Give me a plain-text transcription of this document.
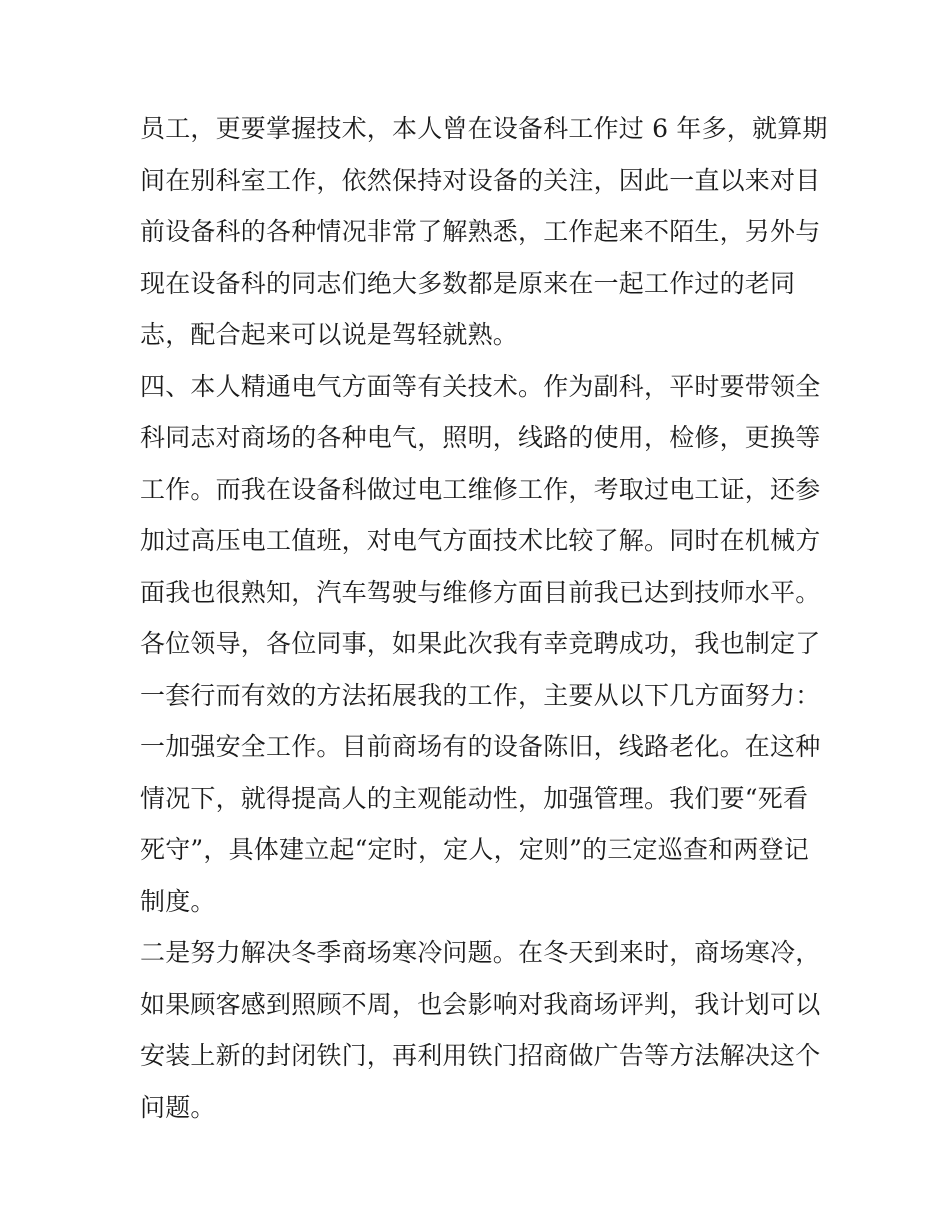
员工，更要掌握技术，本人曾在设备科工作过 6 年多，就算期
间在别科室工作，依然保持对设备的关注，因此一直以来对目
前设备科的各种情况非常了解熟悉，工作起来不陌生，另外与
现在设备科的同志们绝大多数都是原来在一起工作过的老同
志，配合起来可以说是驾轻就熟。
四、本人精通电气方面等有关技术。作为副科，平时要带领全
科同志对商场的各种电气，照明，线路的使用，检修，更换等
工作。而我在设备科做过电工维修工作，考取过电工证，还参
加过高压电工值班，对电气方面技术比较了解。同时在机械方
面我也很熟知，汽车驾驶与维修方面目前我已达到技师水平。
各位领导，各位同事，如果此次我有幸竞聘成功，我也制定了
一套行而有效的方法拓展我的工作，主要从以下几方面努力：
一加强安全工作。目前商场有的设备陈旧，线路老化。在这种
情况下，就得提高人的主观能动性，加强管理。我们要“死看
死守”，具体建立起“定时，定人，定则”的三定巡查和两登记
制度。
二是努力解决冬季商场寒冷问题。在冬天到来时，商场寒冷，
如果顾客感到照顾不周，也会影响对我商场评判，我计划可以
安装上新的封闭铁门，再利用铁门招商做广告等方法解决这个
问题。
